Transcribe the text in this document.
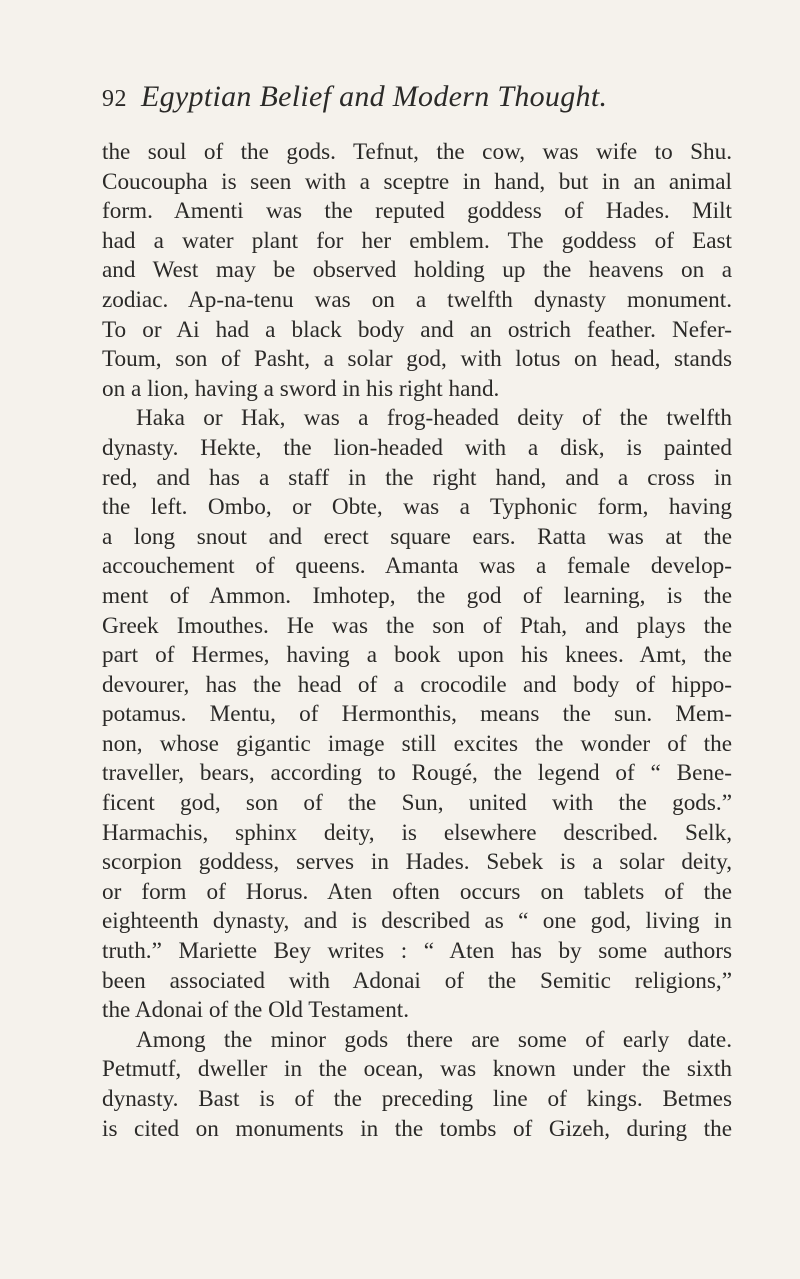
92 Egyptian Belief and Modern Thought.
the soul of the gods. Tefnut, the cow, was wife to Shu.
Coucoupha is seen with a sceptre in hand, but in an animal
form. Amenti was the reputed goddess of Hades. Milt
had a water plant for her emblem. The goddess of East
and West may be observed holding up the heavens on a
zodiac. Ap-na-tenu was on a twelfth dynasty monument.
To or Ai had a black body and an ostrich feather. Nefer-
Toum, son of Pasht, a solar god, with lotus on head, stands
on a lion, having a sword in his right hand.
Haka or Hak, was a frog-headed deity of the twelfth
dynasty. Hekte, the lion-headed with a disk, is painted
red, and has a staff in the right hand, and a cross in
the left. Ombo, or Obte, was a Typhonic form, having
a long snout and erect square ears. Ratta was at the
accouchement of queens. Amanta was a female develop-
ment of Ammon. Imhotep, the god of learning, is the
Greek Imouthes. He was the son of Ptah, and plays the
part of Hermes, having a book upon his knees. Amt, the
devourer, has the head of a crocodile and body of hippo-
potamus. Mentu, of Hermonthis, means the sun. Mem-
non, whose gigantic image still excites the wonder of the
traveller, bears, according to Rougé, the legend of “ Bene-
ficent god, son of the Sun, united with the gods.”
Harmachis, sphinx deity, is elsewhere described. Selk,
scorpion goddess, serves in Hades. Sebek is a solar deity,
or form of Horus. Aten often occurs on tablets of the
eighteenth dynasty, and is described as “ one god, living in
truth.” Mariette Bey writes : “ Aten has by some authors
been associated with Adonai of the Semitic religions,”
the Adonai of the Old Testament.
Among the minor gods there are some of early date.
Petmutf, dweller in the ocean, was known under the sixth
dynasty. Bast is of the preceding line of kings. Betmes
is cited on monuments in the tombs of Gizeh, during the
